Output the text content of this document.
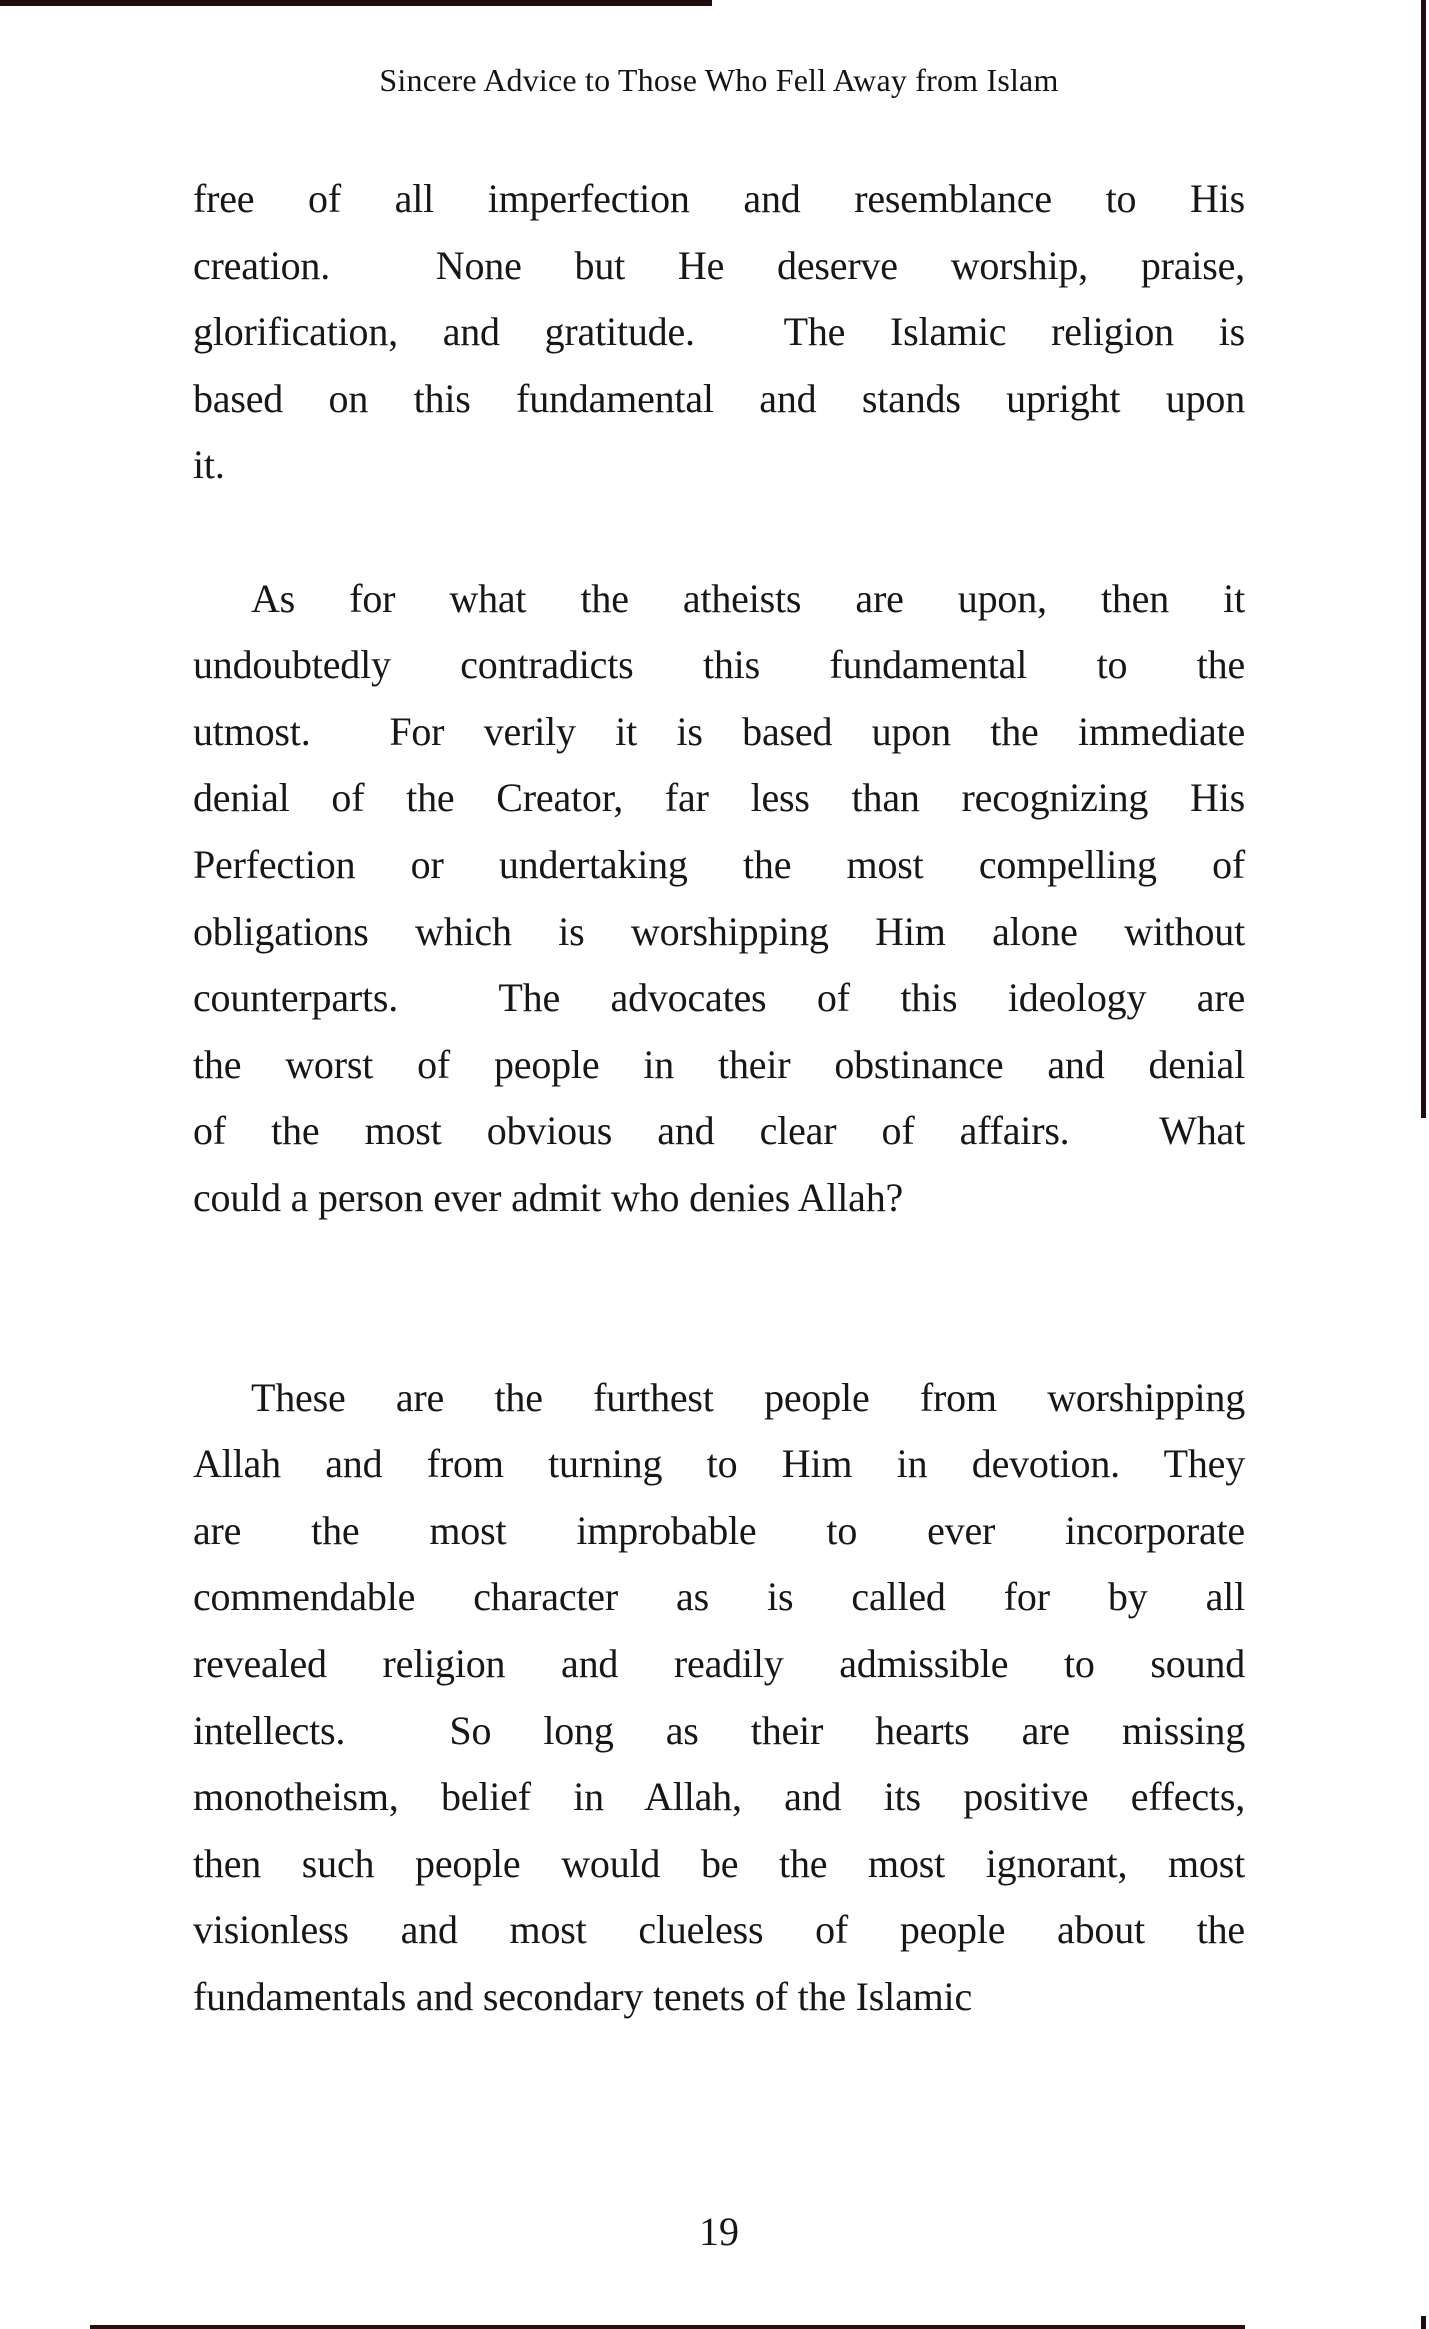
Sincere Advice to Those Who Fell Away from Islam
free of all imperfection and resemblance to His
creation.  None but He deserve worship, praise,
glorification, and gratitude.  The Islamic religion is
based on this fundamental and stands upright upon
it.
As for what the atheists are upon, then it
undoubtedly contradicts this fundamental to the
utmost.  For verily it is based upon the immediate
denial of the Creator, far less than recognizing His
Perfection or undertaking the most compelling of
obligations which is worshipping Him alone without
counterparts.  The advocates of this ideology are
the worst of people in their obstinance and denial
of the most obvious and clear of affairs.  What
could a person ever admit who denies Allah?
These are the furthest people from worshipping
Allah and from turning to Him in devotion. They
are the most improbable to ever incorporate
commendable character as is called for by all
revealed religion and readily admissible to sound
intellects.  So long as their hearts are missing
monotheism, belief in Allah, and its positive effects,
then such people would be the most ignorant, most
visionless and most clueless of people about the
fundamentals and secondary tenets of the Islamic
19
